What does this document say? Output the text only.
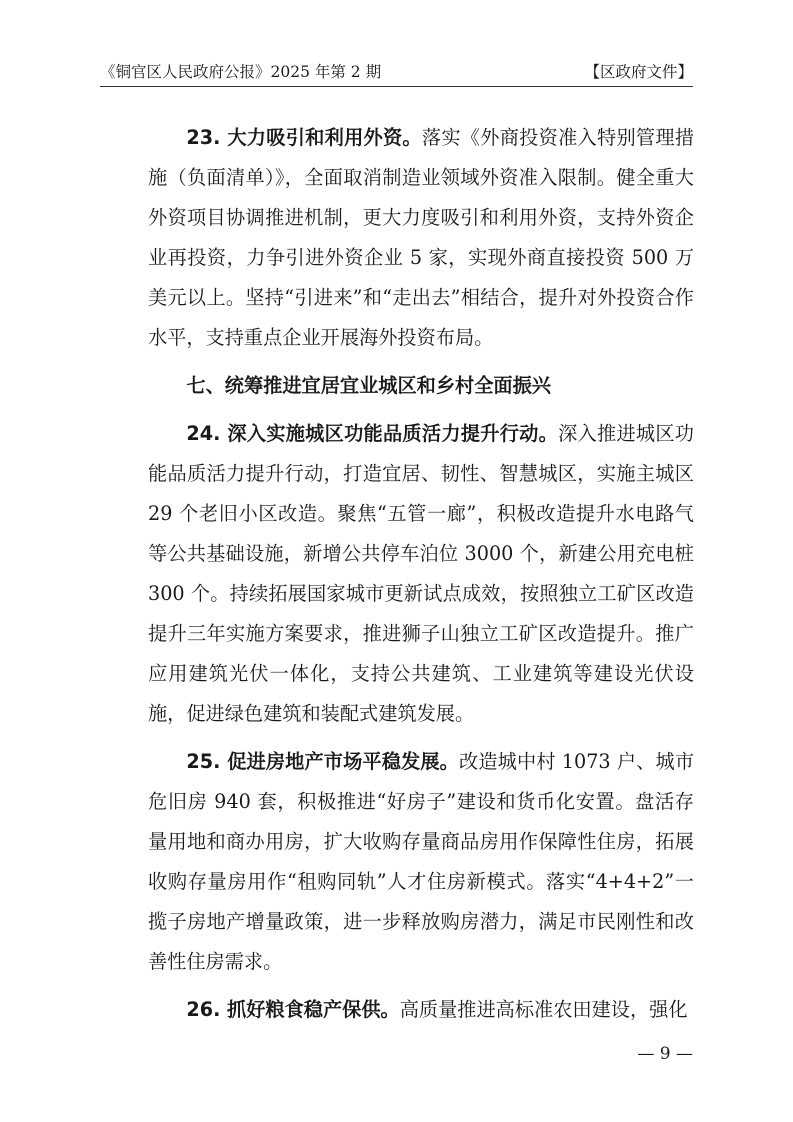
《铜官区人民政府公报》2025 年第 2 期	【区政府文件】

23. 大力吸引和利用外资。落实《外商投资准入特别管理措施（负面清单）》，全面取消制造业领域外资准入限制。健全重大外资项目协调推进机制，更大力度吸引和利用外资，支持外资企业再投资，力争引进外资企业 5 家，实现外商直接投资 500 万美元以上。坚持“引进来”和“走出去”相结合，提升对外投资合作水平，支持重点企业开展海外投资布局。

七、统筹推进宜居宜业城区和乡村全面振兴

24. 深入实施城区功能品质活力提升行动。深入推进城区功能品质活力提升行动，打造宜居、韧性、智慧城区，实施主城区 29 个老旧小区改造。聚焦“五管一廊”，积极改造提升水电路气等公共基础设施，新增公共停车泊位 3000 个，新建公用充电桩 300 个。持续拓展国家城市更新试点成效，按照独立工矿区改造提升三年实施方案要求，推进狮子山独立工矿区改造提升。推广应用建筑光伏一体化，支持公共建筑、工业建筑等建设光伏设施，促进绿色建筑和装配式建筑发展。

25. 促进房地产市场平稳发展。改造城中村 1073 户、城市危旧房 940 套，积极推进“好房子”建设和货币化安置。盘活存量用地和商办用房，扩大收购存量商品房用作保障性住房，拓展收购存量房用作“租购同轨”人才住房新模式。落实“4+4+2”一揽子房地产增量政策，进一步释放购房潜力，满足市民刚性和改善性住房需求。

26. 抓好粮食稳产保供。高质量推进高标准农田建设，强化

— 9 —
